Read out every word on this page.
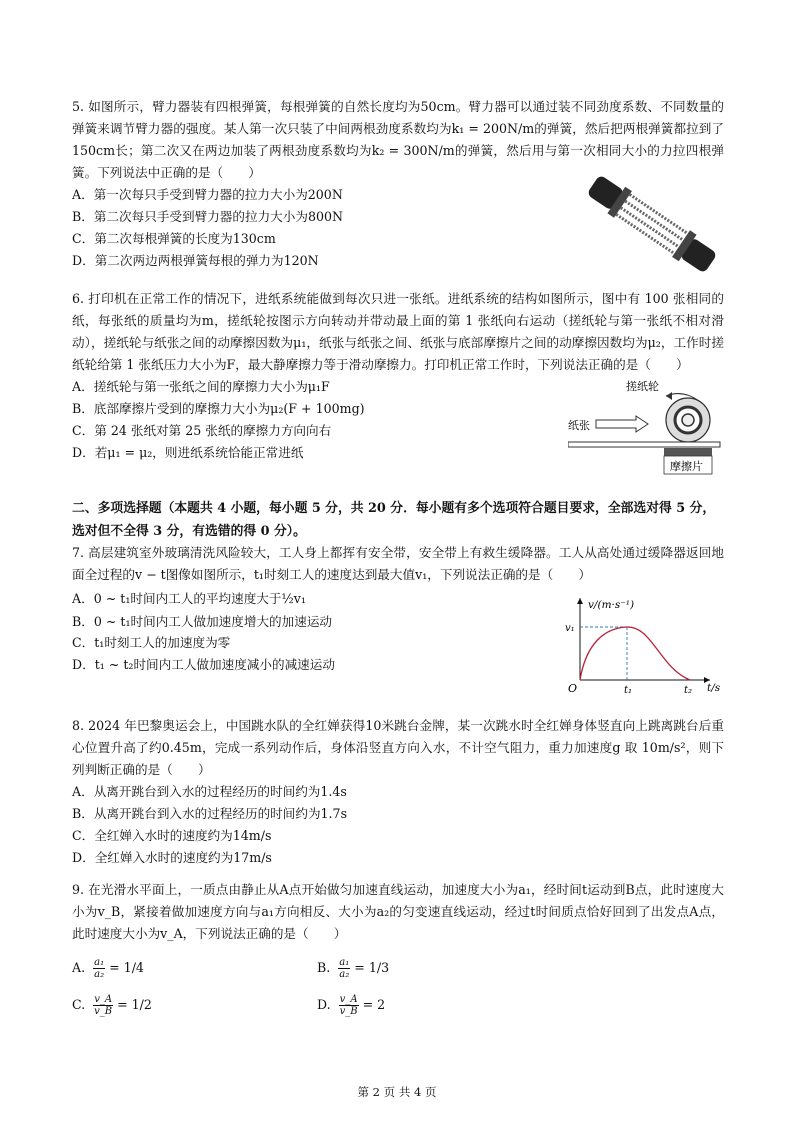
5. 如图所示，臂力器装有四根弹簧，每根弹簧的自然长度均为50cm。臂力器可以通过装不同劲度系数、不同数量的弹簧来调节臂力器的强度。某人第一次只装了中间两根劲度系数均为k₁ = 200N/m的弹簧，然后把两根弹簧都拉到了150cm长；第二次又在两边加装了两根劲度系数均为k₂ = 300N/m的弹簧，然后用与第一次相同大小的力拉四根弹簧。下列说法中正确的是（　　）

A．第一次每只手受到臂力器的拉力大小为200N

B．第二次每只手受到臂力器的拉力大小为800N

C．第二次每根弹簧的长度为130cm

D．第二次两边两根弹簧每根的弹力为120N

6. 打印机在正常工作的情况下，进纸系统能做到每次只进一张纸。进纸系统的结构如图所示，图中有 100 张相同的纸，每张纸的质量均为m，搓纸轮按图示方向转动并带动最上面的第 1 张纸向右运动（搓纸轮与第一张纸不相对滑动），搓纸轮与纸张之间的动摩擦因数为μ₁，纸张与纸张之间、纸张与底部摩擦片之间的动摩擦因数均为μ₂，工作时搓纸轮给第 1 张纸压力大小为F，最大静摩擦力等于滑动摩擦力。打印机正常工作时，下列说法正确的是（　　）

A．搓纸轮与第一张纸之间的摩擦力大小为μ₁F

B．底部摩擦片受到的摩擦力大小为μ₂(F + 100mg)

C．第 24 张纸对第 25 张纸的摩擦力方向向右

D．若μ₁ = μ₂，则进纸系统恰能正常进纸

搓纸轮
纸张
摩擦片
二、多项选择题（本题共 4 小题，每小题 5 分，共 20 分．每小题有多个选项符合题目要求，全部选对得 5 分，选对但不全得 3 分，有选错的得 0 分）。

7. 高层建筑室外玻璃清洗风险较大，工人身上都挥有安全带，安全带上有救生缓降器。工人从高处通过缓降器返回地面全过程的v − t图像如图所示，t₁时刻工人的速度达到最大值v₁，下列说法正确的是（　　）

A．0 ~ t₁时间内工人的平均速度大于½v₁

B．0 ~ t₁时间内工人做加速度增大的加速运动

C．t₁时刻工人的加速度为零

D．t₁ ~ t₂时间内工人做加速度减小的减速运动

v/(m·s⁻¹)
t/s
O
v₁
t₁	t₂

8. 2024 年巴黎奥运会上，中国跳水队的全红婵获得10米跳台金牌，某一次跳水时全红婵身体竖直向上跳离跳台后重心位置升高了约0.45m，完成一系列动作后，身体沿竖直方向入水，不计空气阻力，重力加速度g 取 10m/s²，则下列判断正确的是（　　）

A．从离开跳台到入水的过程经历的时间约为1.4s

B．从离开跳台到入水的过程经历的时间约为1.7s

C．全红婵入水时的速度约为14m/s

D．全红婵入水时的速度约为17m/s

9. 在光滑水平面上，一质点由静止从A点开始做匀加速直线运动，加速度大小为a₁，经时间t运动到B点，此时速度大小为v_B，紧接着做加速度方向与a₁方向相反、大小为a₂的匀变速直线运动，经过t时间质点恰好回到了出发点A点，此时速度大小为v_A，下列说法正确的是（　　）

A. $\frac{\text{a₁}}{\text{a₂}} = 1/4$	B. $\frac{\text{a₁}}{\text{a₂}} = 1/3$
C. $\frac{v\_A}{v\_B} = 1/2$	D. $\frac{v\_A}{v\_B} = 2$
第 2 页 共 4 页
